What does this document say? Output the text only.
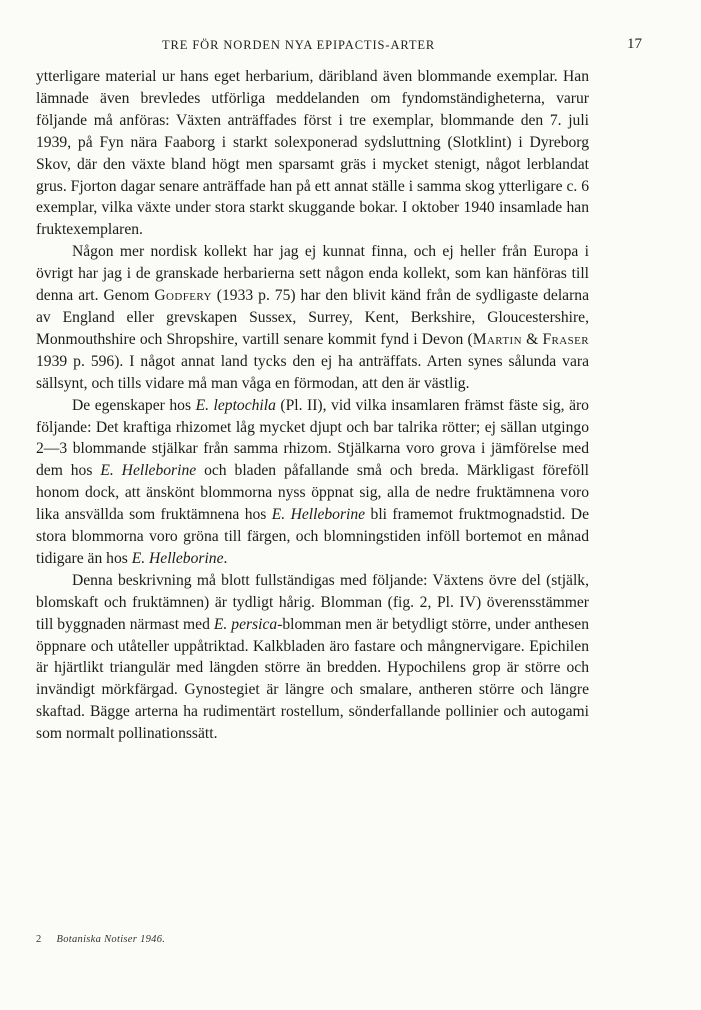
TRE FÖR NORDEN NYA EPIPACTIS-ARTER	17

ytterligare material ur hans eget herbarium, däribland även blommande exemplar. Han lämnade även brevledes utförliga meddelanden om fyndomständigheterna, varur följande må anföras: Växten anträffades först i tre exemplar, blommande den 7. juli 1939, på Fyn nära Faaborg i starkt solexponerad sydsluttning (Slotklint) i Dyreborg Skov, där den växte bland högt men sparsamt gräs i mycket stenigt, något lerblandat grus. Fjorton dagar senare anträffade han på ett annat ställe i samma skog ytterligare c. 6 exemplar, vilka växte under stora starkt skuggande bokar. I oktober 1940 insamlade han fruktexemplaren.

Någon mer nordisk kollekt har jag ej kunnat finna, och ej heller från Europa i övrigt har jag i de granskade herbarierna sett någon enda kollekt, som kan hänföras till denna art. Genom Godfery (1933 p. 75) har den blivit känd från de sydligaste delarna av England eller grevskapen Sussex, Surrey, Kent, Berkshire, Gloucestershire, Monmouthshire och Shropshire, vartill senare kommit fynd i Devon (Martin & Fraser 1939 p. 596). I något annat land tycks den ej ha anträffats. Arten synes sålunda vara sällsynt, och tills vidare må man våga en förmodan, att den är västlig.

De egenskaper hos E. leptochila (Pl. II), vid vilka insamlaren främst fäste sig, äro följande: Det kraftiga rhizomet låg mycket djupt och bar talrika rötter; ej sällan utgingo 2—3 blommande stjälkar från samma rhizom. Stjälkarna voro grova i jämförelse med dem hos E. Helleborine och bladen påfallande små och breda. Märkligast föreföll honom dock, att änskönt blommorna nyss öppnat sig, alla de nedre fruktämnena voro lika ansvällda som fruktämnena hos E. Helleborine bli framemot fruktmognadstid. De stora blommorna voro gröna till färgen, och blomningstiden inföll bortemot en månad tidigare än hos E. Helleborine.

Denna beskrivning må blott fullständigas med följande: Växtens övre del (stjälk, blomskaft och fruktämnen) är tydligt hårig. Blomman (fig. 2, Pl. IV) överensstämmer till byggnaden närmast med E. persica-blomman men är betydligt större, under anthesen öppnare och utåteller uppåtriktad. Kalkbladen äro fastare och mångnervigare. Epichilen är hjärtlikt triangulär med längden större än bredden. Hypochilens grop är större och invändigt mörkfärgad. Gynostegiet är längre och smalare, antheren större och längre skaftad. Bägge arterna ha rudimentärt rostellum, sönderfallande pollinier och autogami som normalt pollinationssätt.

2 Botaniska Notiser 1946.
